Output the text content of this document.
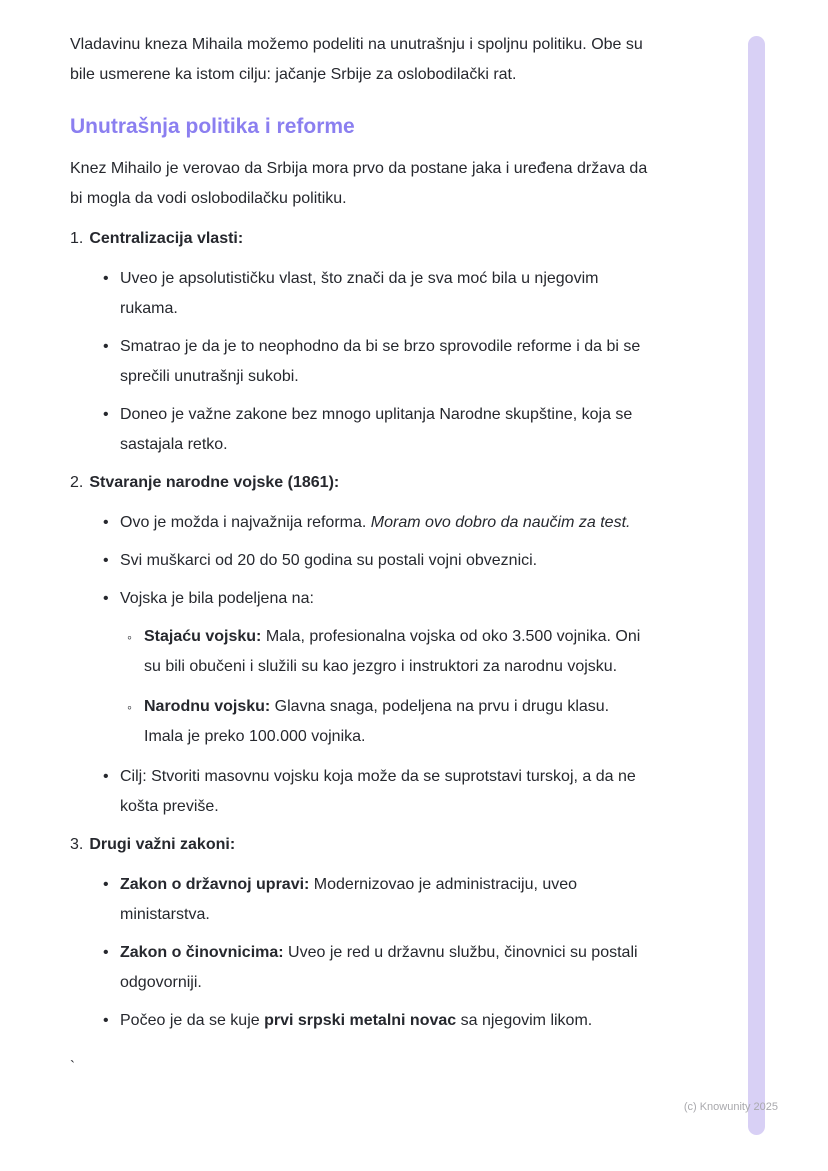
Vladavinu kneza Mihaila možemo podeliti na unutrašnju i spoljnu politiku. Obe su bile usmerene ka istom cilju: jačanje Srbije za oslobodilački rat.

Unutrašnja politika i reforme

Knez Mihailo je verovao da Srbija mora prvo da postane jaka i uređena država da bi mogla da vodi oslobodilačku politiku.

1. Centralizacija vlasti:

• Uveo je apsolutističku vlast, što znači da je sva moć bila u njegovim rukama.
• Smatrao je da je to neophodno da bi se brzo sprovodile reforme i da bi se sprečili unutrašnji sukobi.
• Doneo je važne zakone bez mnogo uplitanja Narodne skupštine, koja se sastajala retko.

2. Stvaranje narodne vojske (1861):

• Ovo je možda i najvažnija reforma. Moram ovo dobro da naučim za test.
• Svi muškarci od 20 do 50 godina su postali vojni obveznici.
• Vojska je bila podeljena na:
◦ Stajaću vojsku: Mala, profesionalna vojska od oko 3.500 vojnika. Oni su bili obučeni i služili su kao jezgro i instruktori za narodnu vojsku.
◦ Narodnu vojsku: Glavna snaga, podeljena na prvu i drugu klasu. Imala je preko 100.000 vojnika.
• Cilj: Stvoriti masovnu vojsku koja može da se suprotstavi turskoj, a da ne košta previše.

3. Drugi važni zakoni:

• Zakon o državnoj upravi: Modernizovao je administraciju, uveo ministarstva.
• Zakon o činovnicima: Uveo je red u državnu službu, činovnici su postali odgovorniji.
• Počeo je da se kuje prvi srpski metalni novac sa njegovim likom.
`
(c) Knowunity 2025
